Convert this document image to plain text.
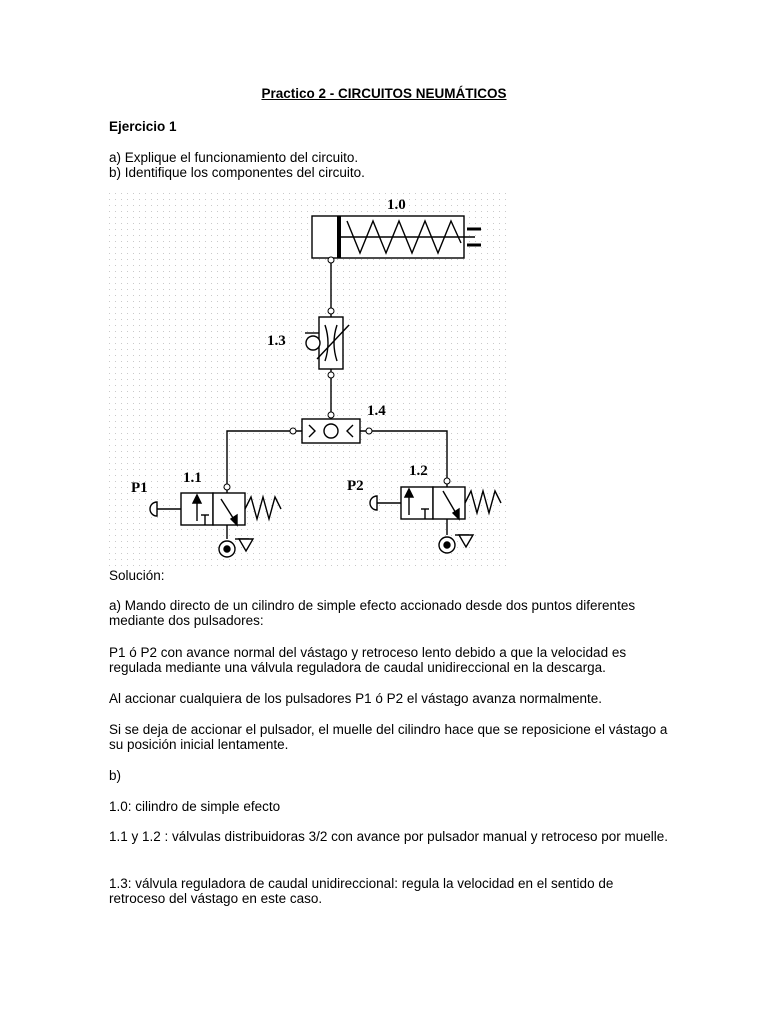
Practico 2 - CIRCUITOS NEUMÁTICOS
Ejercicio 1
a) Explique el funcionamiento del circuito.
b) Identifique los componentes del circuito.
1.0
1.3
1.4
1.1	1.2
P1	P2
Solución:
a) Mando directo de un cilindro de simple efecto accionado desde dos puntos diferentes mediante dos pulsadores:
P1 ó P2 con avance normal del vástago y retroceso lento debido a que la velocidad es regulada mediante una válvula reguladora de caudal unidireccional en la descarga.
Al accionar cualquiera de los pulsadores P1 ó P2 el vástago avanza normalmente.
Si se deja de accionar el pulsador, el muelle del cilindro hace que se reposicione el vástago a su posición inicial lentamente.
b)
1.0: cilindro de simple efecto
1.1 y 1.2 : válvulas distribuidoras 3/2 con avance por pulsador manual y retroceso por muelle.
1.3: válvula reguladora de caudal unidireccional: regula la velocidad en el sentido de retroceso del vástago en este caso.
